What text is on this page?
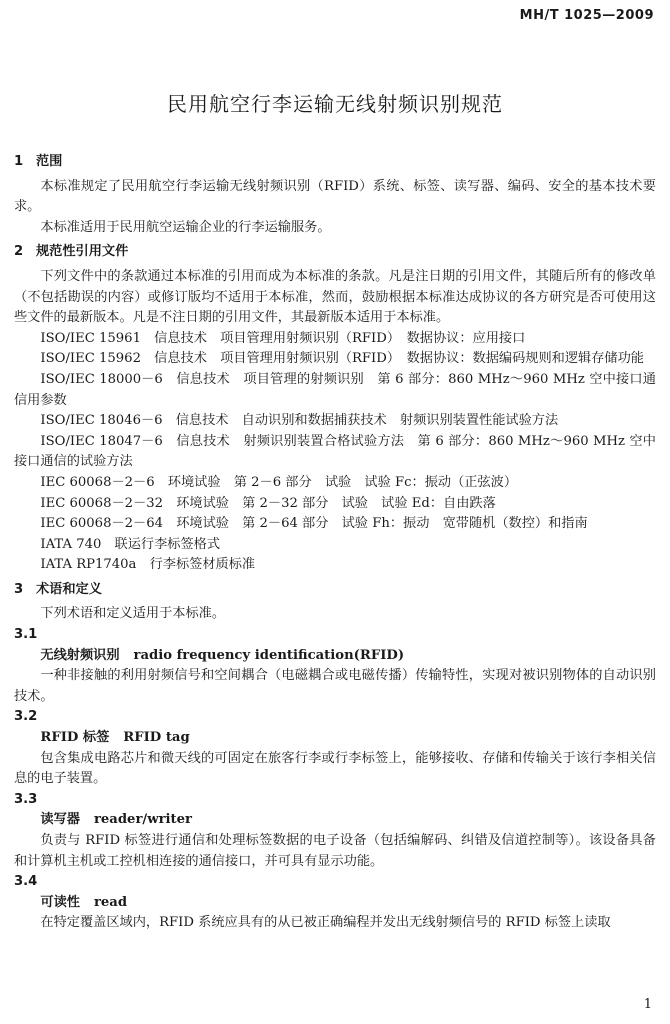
MH/T 1025—2009
民用航空行李运输无线射频识别规范

1 范围

本标准规定了民用航空行李运输无线射频识别（RFID）系统、标签、读写器、编码、安全的基本技术要求。

本标准适用于民用航空运输企业的行李运输服务。

2 规范性引用文件

下列文件中的条款通过本标准的引用而成为本标准的条款。凡是注日期的引用文件，其随后所有的修改单（不包括勘误的内容）或修订版均不适用于本标准，然而，鼓励根据本标准达成协议的各方研究是否可使用这些文件的最新版本。凡是不注日期的引用文件，其最新版本适用于本标准。

ISO/IEC 15961　信息技术　项目管理用射频识别（RFID）　数据协议：应用接口

ISO/IEC 15962　信息技术　项目管理用射频识别（RFID）　数据协议：数据编码规则和逻辑存储功能

ISO/IEC 18000－6　信息技术　项目管理的射频识别　第 6 部分：860 MHz～960 MHz 空中接口通信用参数

ISO/IEC 18046－6　信息技术　自动识别和数据捕获技术　射频识别装置性能试验方法

ISO/IEC 18047－6　信息技术　射频识别装置合格试验方法　第 6 部分：860 MHz～960 MHz 空中接口通信的试验方法

IEC 60068－2－6　环境试验　第 2－6 部分　试验　试验 Fc：振动（正弦波）

IEC 60068－2－32　环境试验　第 2－32 部分　试验　试验 Ed：自由跌落

IEC 60068－2－64　环境试验　第 2－64 部分　试验 Fh：振动　宽带随机（数控）和指南

IATA 740　联运行李标签格式

IATA RP1740a　行李标签材质标准

3 术语和定义

下列术语和定义适用于本标准。

3.1

无线射频识别 radio frequency identification(RFID)

一种非接触的利用射频信号和空间耦合（电磁耦合或电磁传播）传输特性，实现对被识别物体的自动识别技术。

3.2

RFID 标签 RFID tag

包含集成电路芯片和微天线的可固定在旅客行李或行李标签上，能够接收、存储和传输关于该行李相关信息的电子装置。

3.3

读写器 reader/writer

负责与 RFID 标签进行通信和处理标签数据的电子设备（包括编解码、纠错及信道控制等）。该设备具备和计算机主机或工控机相连接的通信接口，并可具有显示功能。

3.4

可读性 read

在特定覆盖区域内，RFID 系统应具有的从已被正确编程并发出无线射频信号的 RFID 标签上读取

1
